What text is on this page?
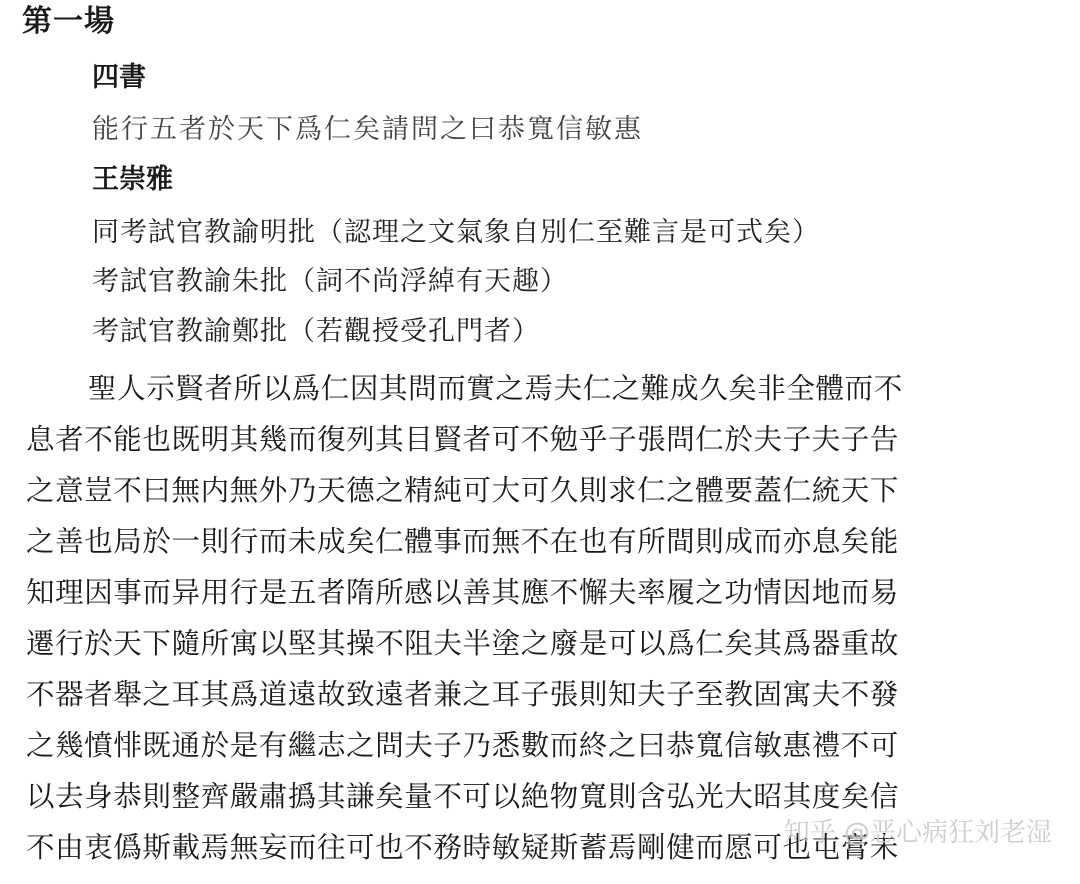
第一場
四書
能行五者於天下爲仁矣請問之曰恭寬信敏惠
王崇雅
同考試官教諭明批（認理之文氣象自別仁至難言是可式矣）
考試官教諭朱批（詞不尚浮綽有天趣）
考試官教諭鄭批（若觀授受孔門者）
聖人示賢者所以爲仁因其問而實之焉夫仁之難成久矣非全體而不
息者不能也既明其幾而復列其目賢者可不勉乎子張問仁於夫子夫子告
之意豈不曰無内無外乃天德之精純可大可久則求仁之體要蓋仁統天下
之善也局於一則行而未成矣仁體事而無不在也有所間則成而亦息矣能
知理因事而异用行是五者隋所感以善其應不懈夫率履之功情因地而易
遷行於天下隨所寓以堅其操不阻夫半塗之廢是可以爲仁矣其爲器重故
不器者舉之耳其爲道遠故致遠者兼之耳子張則知夫子至教固寓夫不發
之幾憤悱既通於是有繼志之問夫子乃悉數而終之曰恭寬信敏惠禮不可
以去身恭則整齊嚴肅撝其謙矣量不可以絶物寬則含弘光大昭其度矣信
不由衷僞斯載焉無妄而往可也不務時敏疑斯蓄焉剛健而愿可也屯膏未
知乎 @恶心病狂刘老湿
